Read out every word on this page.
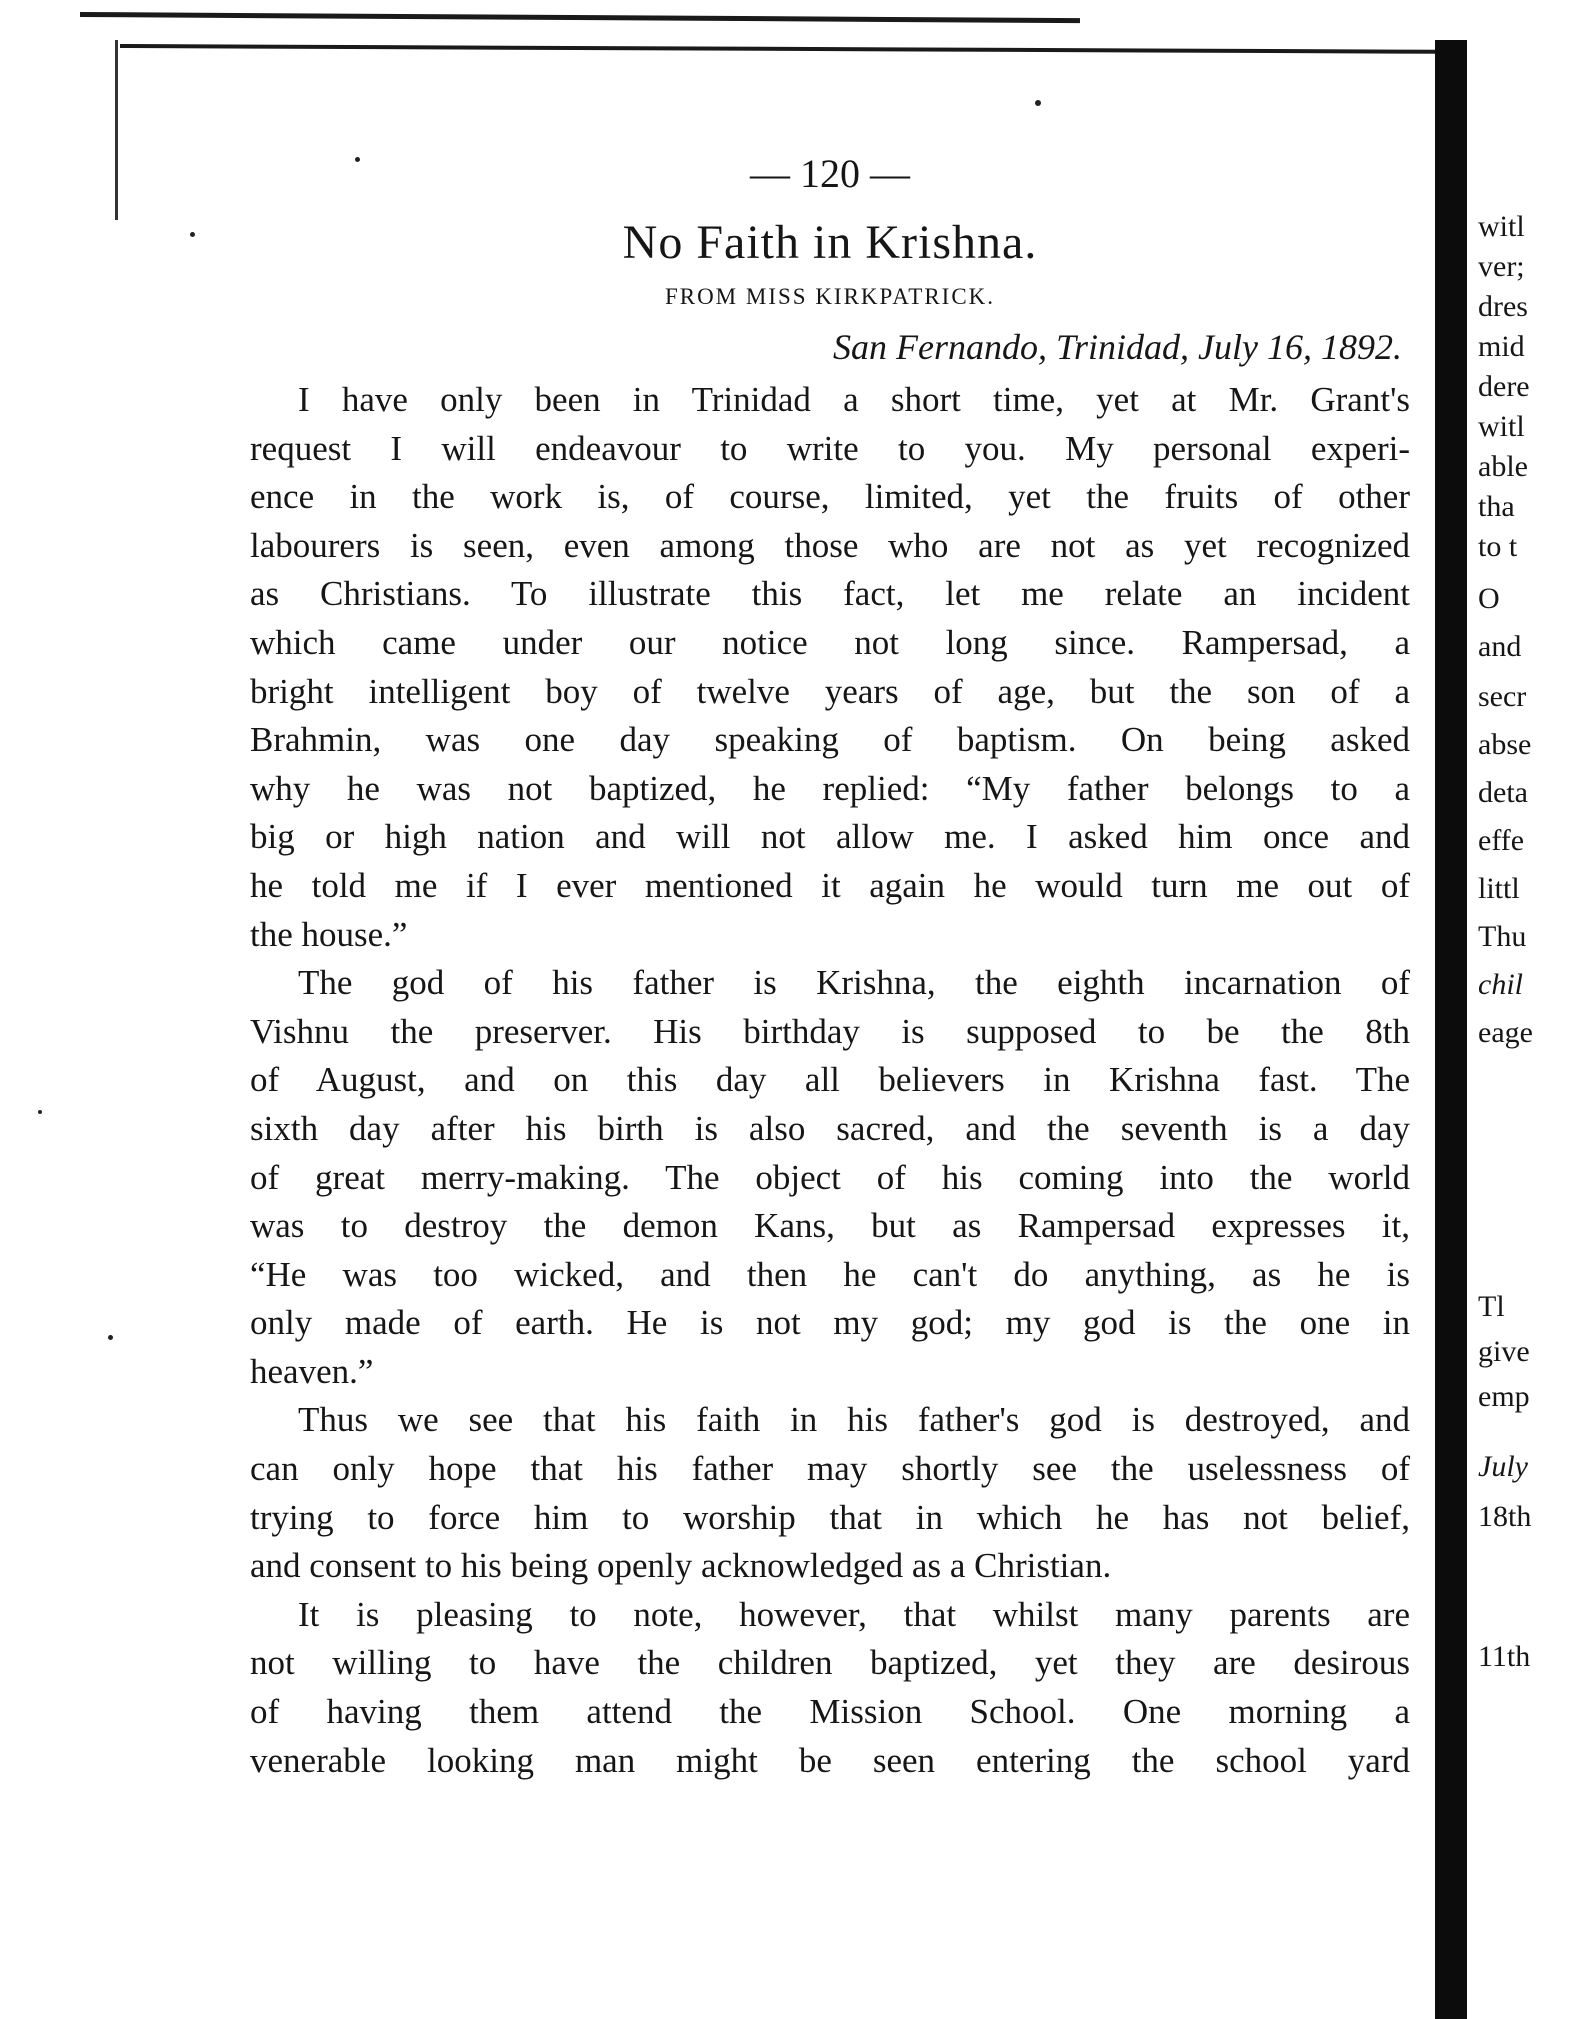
— 120 —
No Faith in Krishna.
FROM MISS KIRKPATRICK.
San Fernando, Trinidad, July 16, 1892.
I have only been in Trinidad a short time, yet at Mr. Grant's
request I will endeavour to write to you. My personal experi-
ence in the work is, of course, limited, yet the fruits of other
labourers is seen, even among those who are not as yet recognized
as Christians. To illustrate this fact, let me relate an incident
which came under our notice not long since. Rampersad, a
bright intelligent boy of twelve years of age, but the son of a
Brahmin, was one day speaking of baptism. On being asked
why he was not baptized, he replied: “My father belongs to a
big or high nation and will not allow me. I asked him once and
he told me if I ever mentioned it again he would turn me out of
the house.”
The god of his father is Krishna, the eighth incarnation of
Vishnu the preserver. His birthday is supposed to be the 8th
of August, and on this day all believers in Krishna fast. The
sixth day after his birth is also sacred, and the seventh is a day
of great merry-making. The object of his coming into the world
was to destroy the demon Kans, but as Rampersad expresses it,
“He was too wicked, and then he can't do anything, as he is
only made of earth. He is not my god; my god is the one in
heaven.”
Thus we see that his faith in his father's god is destroyed, and
can only hope that his father may shortly see the uselessness of
trying to force him to worship that in which he has not belief,
and consent to his being openly acknowledged as a Christian.
It is pleasing to note, however, that whilst many parents are
not willing to have the children baptized, yet they are desirous
of having them attend the Mission School. One morning a
venerable looking man might be seen entering the school yard
witl
ver;
dres
mid
dere
witl
able
tha
to t
O
and
secr
abse
deta
effe
littl
Thu
chil
eage
Tl
give
emp
July
18th
11th
